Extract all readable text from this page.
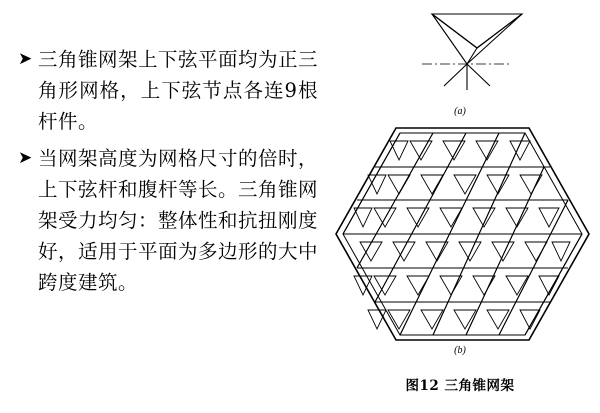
➤ 三角锥网架上下弦平面均为正三角形网格，上下弦节点各连9根杆件。
➤ 当网架高度为网格尺寸的倍时，上下弦杆和腹杆等长。三角锥网架受力均匀：整体性和抗扭刚度好，适用于平面为多边形的大中跨度建筑。
(a)
(b)
图12 三角锥网架
